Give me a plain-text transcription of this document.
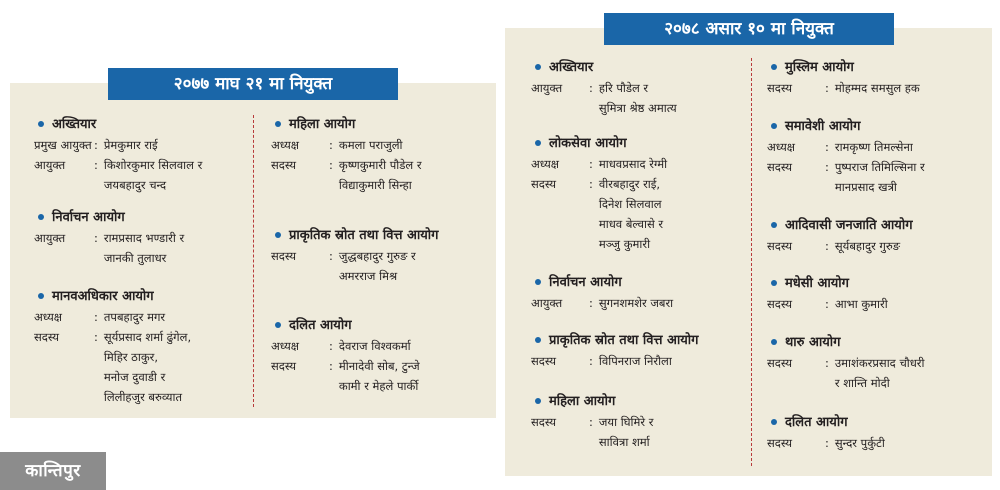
२०७७ माघ २१ मा नियुक्त
२०७८ असार १० मा नियुक्त
अख्तियार
प्रमुख आयुक्त : प्रेमकुमार राई
आयुक्त	: किशोरकुमार सिलवाल र
जयबहादुर चन्द
निर्वाचन आयोग
आयुक्त	: रामप्रसाद भण्डारी र
जानकी तुलाधर
मानवअधिकार आयोग
अध्यक्ष	: तपबहादुर मगर
सदस्य	: सूर्यप्रसाद शर्मा ढुंगेल,
मिहिर ठाकुर,
मनोज दुवाडी र
लिलीहजुर बरुव्यात
महिला आयोग
अध्यक्ष	: कमला पराजुली
सदस्य	: कृष्णकुमारी पौडेल र
विद्याकुमारी सिन्हा
प्राकृतिक स्रोत तथा वित्त आयोग
सदस्य	: जुद्धबहादुर गुरुङ र
अमरराज मिश्र
दलित आयोग
अध्यक्ष	: देवराज विश्वकर्मा
सदस्य	: मीनादेवी सोब, टुन्जे
कामी र मेहले पार्की
अख्तियार
आयुक्त	: हरि पौडेल र
सुमित्रा श्रेष्ठ अमात्य
लोकसेवा आयोग
अध्यक्ष	: माधवप्रसाद रेग्मी
सदस्य	: वीरबहादुर राई,
दिनेश सिलवाल
माधव बेल्वासे र
मञ्जु कुमारी
निर्वाचन आयोग
आयुक्त	: सुगनशमशेर जबरा
प्राकृतिक स्रोत तथा वित्त आयोग
सदस्य	: विपिनराज निरौला
महिला आयोग
सदस्य	: जया घिमिरे र
सावित्रा शर्मा
मुस्लिम आयोग
सदस्य	: मोहम्मद समसुल हक
समावेशी आयोग
अध्यक्ष	: रामकृष्ण तिमल्सेना
सदस्य	: पुष्पराज तिमिल्सिना र
मानप्रसाद खत्री
आदिवासी जनजाति आयोग
सदस्य	: सूर्यबहादुर गुरुङ
मधेसी आयोग
सदस्य	: आभा कुमारी
थारु आयोग
सदस्य	: उमाशंकरप्रसाद चौधरी
र शान्ति मोदी
दलित आयोग
सदस्य	: सुन्दर पुर्कुटी
कान्तिपुर
